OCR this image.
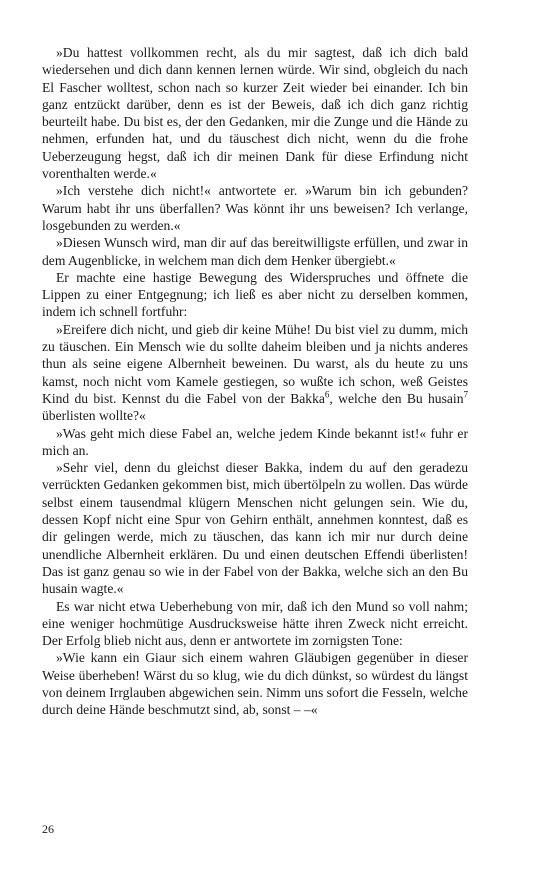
»Du hattest vollkommen recht, als du mir sagtest, daß ich dich bald wiedersehen und dich dann kennen lernen würde. Wir sind, obgleich du nach El Fascher wolltest, schon nach so kurzer Zeit wieder bei einander. Ich bin ganz entzückt darüber, denn es ist der Beweis, daß ich dich ganz richtig beurteilt habe. Du bist es, der den Gedanken, mir die Zunge und die Hände zu nehmen, erfunden hat, und du täuschest dich nicht, wenn du die frohe Ueberzeugung hegst, daß ich dir meinen Dank für diese Erfindung nicht vorenthalten werde.«

»Ich verstehe dich nicht!« antwortete er. »Warum bin ich gebunden? Warum habt ihr uns überfallen? Was könnt ihr uns beweisen? Ich verlange, losgebunden zu werden.«

»Diesen Wunsch wird, man dir auf das bereitwilligste erfüllen, und zwar in dem Augenblicke, in welchem man dich dem Henker übergiebt.«

Er machte eine hastige Bewegung des Widerspruches und öffnete die Lippen zu einer Entgegnung; ich ließ es aber nicht zu derselben kommen, indem ich schnell fortfuhr:

»Ereifere dich nicht, und gieb dir keine Mühe! Du bist viel zu dumm, mich zu täuschen. Ein Mensch wie du sollte daheim bleiben und ja nichts anderes thun als seine eigene Albernheit beweinen. Du warst, als du heute zu uns kamst, noch nicht vom Kamele gestiegen, so wußte ich schon, weß Geistes Kind du bist. Kennst du die Fabel von der Bakka$^6$, welche den Bu husain$^7$ überlisten wollte?«

»Was geht mich diese Fabel an, welche jedem Kinde bekannt ist!« fuhr er mich an.

»Sehr viel, denn du gleichst dieser Bakka, indem du auf den geradezu verrückten Gedanken gekommen bist, mich übertölpeln zu wollen. Das würde selbst einem tausendmal klügern Menschen nicht gelungen sein. Wie du, dessen Kopf nicht eine Spur von Gehirn enthält, annehmen konntest, daß es dir gelingen werde, mich zu täuschen, das kann ich mir nur durch deine unendliche Albernheit erklären. Du und einen deutschen Effendi überlisten! Das ist ganz genau so wie in der Fabel von der Bakka, welche sich an den Bu husain wagte.«

Es war nicht etwa Ueberhebung von mir, daß ich den Mund so voll nahm; eine weniger hochmütige Ausdrucksweise hätte ihren Zweck nicht erreicht. Der Erfolg blieb nicht aus, denn er antwortete im zornigsten Tone:

»Wie kann ein Giaur sich einem wahren Gläubigen gegenüber in dieser Weise überheben! Wärst du so klug, wie du dich dünkst, so würdest du längst von deinem Irrglauben abgewichen sein. Nimm uns sofort die Fesseln, welche durch deine Hände beschmutzt sind, ab, sonst – –«

26
